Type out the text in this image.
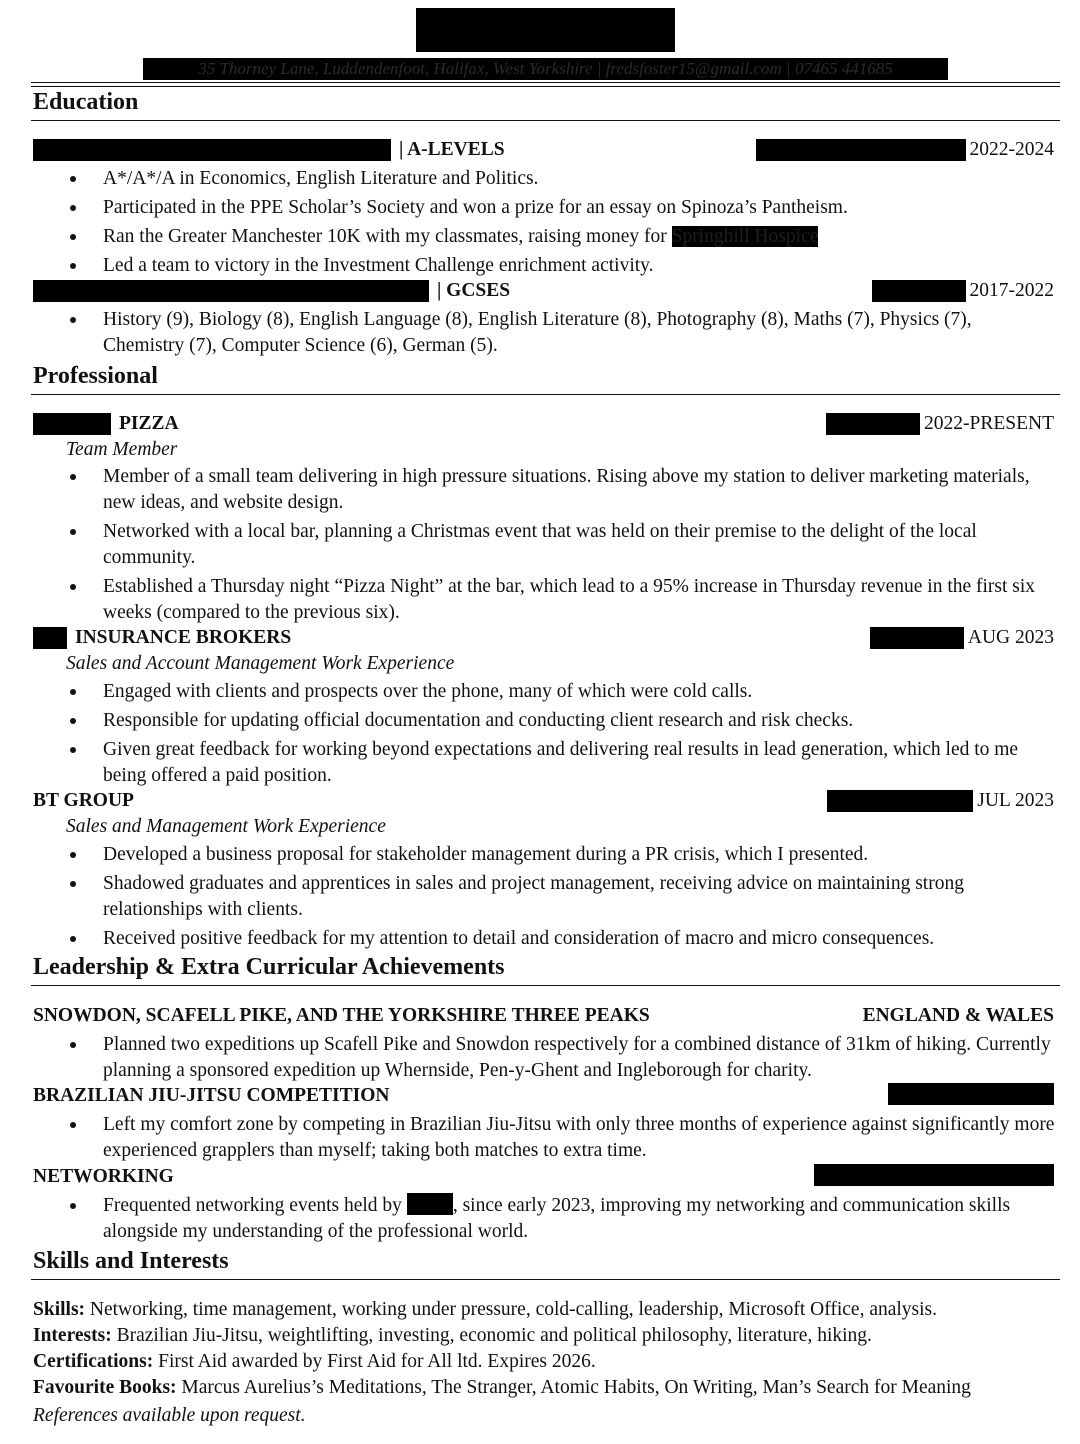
35 Thorney Lane, Luddendenfoot, Halifax, West Yorkshire | fredsfoster15@gmail.com | 07465 441685
Education
| A-LEVELS	2022-2024
A*/A*/A in Economics, English Literature and Politics.
Participated in the PPE Scholar’s Society and won a prize for an essay on Spinoza’s Pantheism.
Ran the Greater Manchester 10K with my classmates, raising money for Springhill Hospice
Led a team to victory in the Investment Challenge enrichment activity.
| GCSES	2017-2022
History (9), Biology (8), English Language (8), English Literature (8), Photography (8), Maths (7), Physics (7), Chemistry (7), Computer Science (6), German (5).
Professional
PIZZA	2022-PRESENT
Team Member
Member of a small team delivering in high pressure situations. Rising above my station to deliver marketing materials, new ideas, and website design.
Networked with a local bar, planning a Christmas event that was held on their premise to the delight of the local community.
Established a Thursday night “Pizza Night” at the bar, which lead to a 95% increase in Thursday revenue in the first six weeks (compared to the previous six).
INSURANCE BROKERS	AUG 2023
Sales and Account Management Work Experience
Engaged with clients and prospects over the phone, many of which were cold calls.
Responsible for updating official documentation and conducting client research and risk checks.
Given great feedback for working beyond expectations and delivering real results in lead generation, which led to me being offered a paid position.
BT GROUP	JUL 2023
Sales and Management Work Experience
Developed a business proposal for stakeholder management during a PR crisis, which I presented.
Shadowed graduates and apprentices in sales and project management, receiving advice on maintaining strong relationships with clients.
Received positive feedback for my attention to detail and consideration of macro and micro consequences.
Leadership & Extra Curricular Achievements
SNOWDON, SCAFELL PIKE, AND THE YORKSHIRE THREE PEAKS	ENGLAND & WALES
Planned two expeditions up Scafell Pike and Snowdon respectively for a combined distance of 31km of hiking. Currently planning a sponsored expedition up Whernside, Pen-y-Ghent and Ingleborough for charity.
BRAZILIAN JIU-JITSU COMPETITION
Left my comfort zone by competing in Brazilian Jiu-Jitsu with only three months of experience against significantly more experienced grapplers than myself; taking both matches to extra time.
NETWORKING
Frequented networking events held by	, since early 2023, improving my networking and communication skills alongside my understanding of the professional world.
Skills and Interests
Skills: Networking, time management, working under pressure, cold-calling, leadership, Microsoft Office, analysis.
Interests: Brazilian Jiu-Jitsu, weightlifting, investing, economic and political philosophy, literature, hiking.
Certifications: First Aid awarded by First Aid for All ltd. Expires 2026.
Favourite Books: Marcus Aurelius’s Meditations, The Stranger, Atomic Habits, On Writing, Man’s Search for Meaning
References available upon request.
